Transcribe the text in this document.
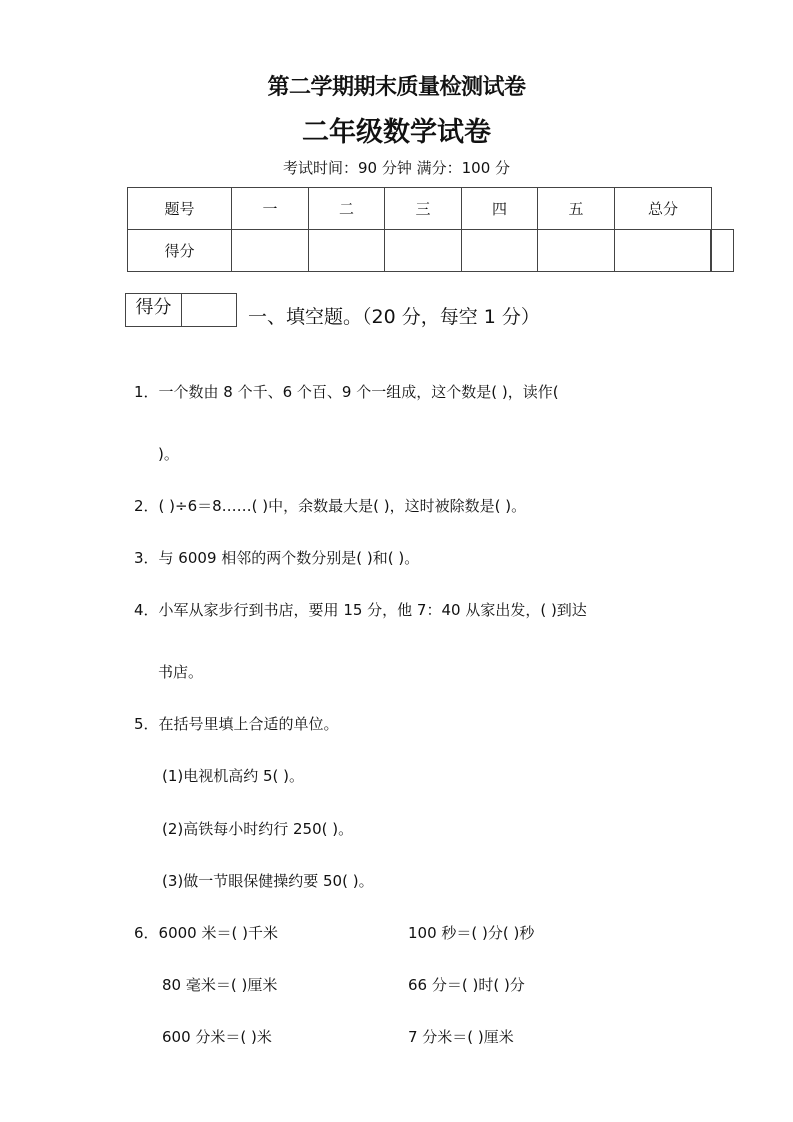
第二学期期末质量检测试卷
二年级数学试卷
考试时间：90 分钟 满分：100 分
题号	一	二	三	四	五	总分
得分						
得分	一、填空题。（20 分，每空 1 分）
1．一个数由 8 个千、6 个百、9 个一组成，这个数是( )，读作(
)。
2．( )÷6＝8……( )中，余数最大是( )，这时被除数是( )。
3．与 6009 相邻的两个数分别是( )和( )。
4．小军从家步行到书店，要用 15 分，他 7：40 从家出发，( )到达
书店。
5．在括号里填上合适的单位。
(1)电视机高约 5( )。
(2)高铁每小时约行 250( )。
(3)做一节眼保健操约要 50( )。
6．6000 米＝( )千米	100 秒＝( )分( )秒
80 毫米＝( )厘米	66 分＝( )时( )分
600 分米＝( )米	7 分米＝( )厘米
